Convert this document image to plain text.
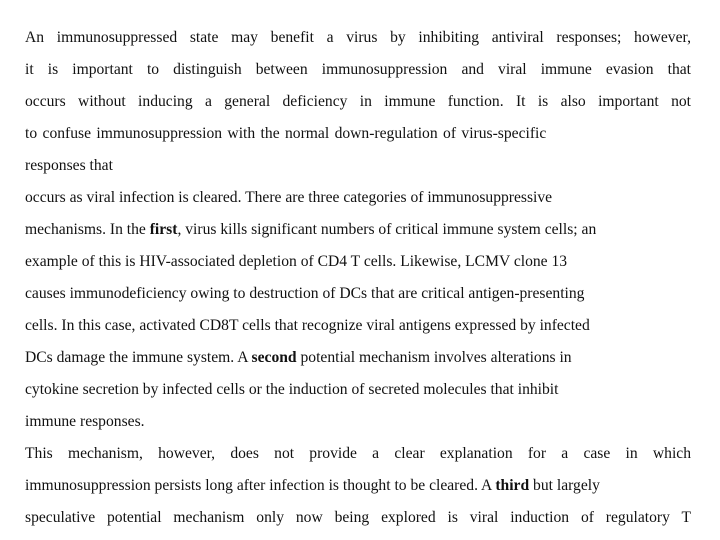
An immunosuppressed state may benefit a virus by inhibiting antiviral responses; however,
it is important to distinguish between immunosuppression and viral immune evasion that
occurs without inducing a general deficiency in immune function. It is also important not
to confuse immunosuppression with the normal down-regulation of virus-specific
responses that
occurs as viral infection is cleared. There are three categories of immunosuppressive
mechanisms. In the first, virus kills significant numbers of critical immune system cells; an
example of this is HIV-associated depletion of CD4 T cells. Likewise, LCMV clone 13
causes immunodeficiency owing to destruction of DCs that are critical antigen-presenting
cells. In this case, activated CD8T cells that recognize viral antigens expressed by infected
DCs damage the immune system. A second potential mechanism involves alterations in
cytokine secretion by infected cells or the induction of secreted molecules that inhibit
immune responses.
This mechanism, however, does not provide a clear explanation for a case in which
immunosuppression persists long after infection is thought to be cleared. A third but largely
speculative potential mechanism only now being explored is viral induction of regulatory T
